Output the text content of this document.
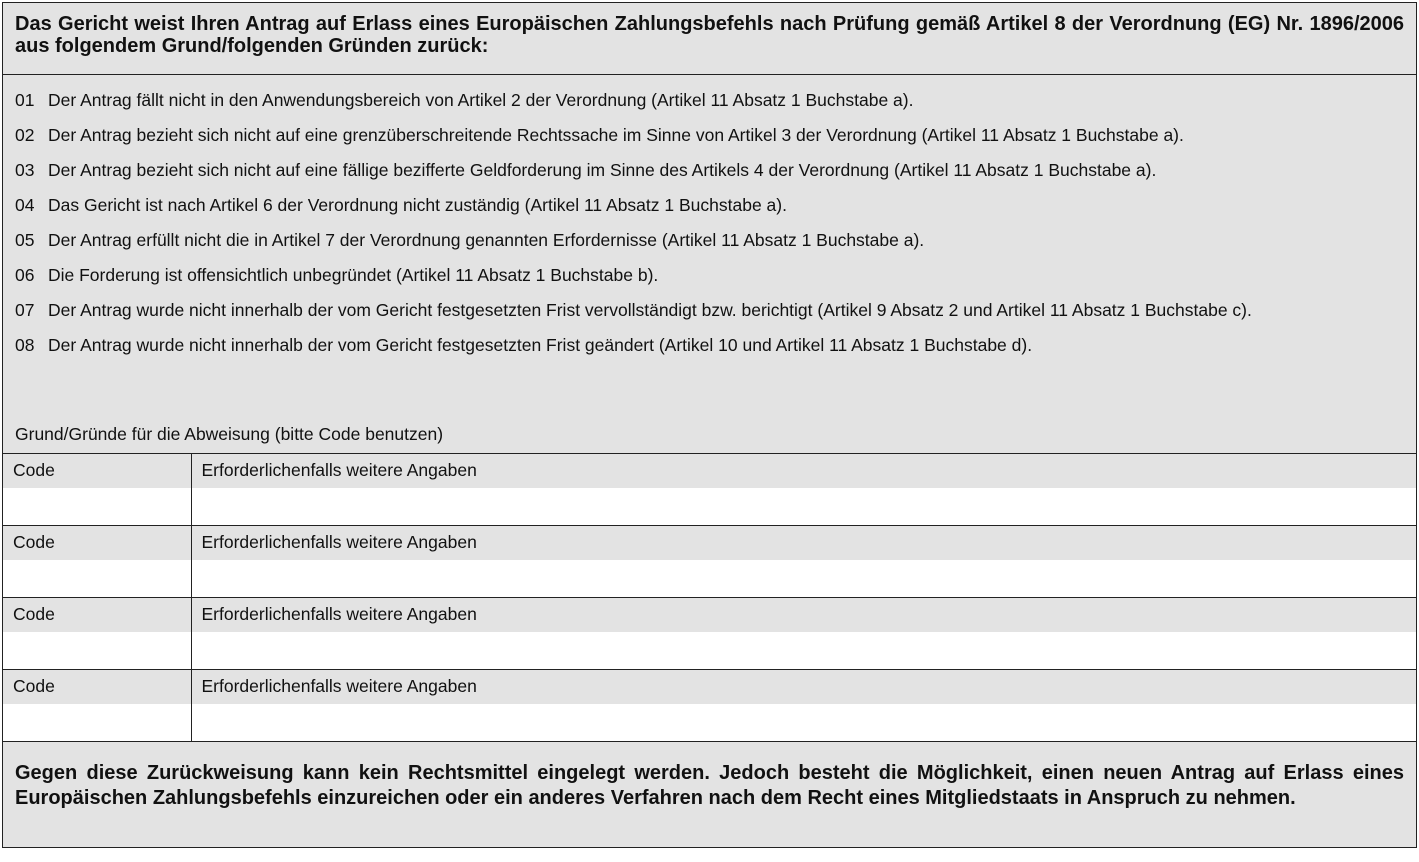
Das Gericht weist Ihren Antrag auf Erlass eines Europäischen Zahlungsbefehls nach Prüfung gemäß Artikel 8 der Verordnung (EG) Nr. 1896/2006 aus folgendem Grund/folgenden Gründen zurück:
01 Der Antrag fällt nicht in den Anwendungsbereich von Artikel 2 der Verordnung (Artikel 11 Absatz 1 Buchstabe a).
02 Der Antrag bezieht sich nicht auf eine grenzüberschreitende Rechtssache im Sinne von Artikel 3 der Verordnung (Artikel 11 Absatz 1 Buchstabe a).
03 Der Antrag bezieht sich nicht auf eine fällige bezifferte Geldforderung im Sinne des Artikels 4 der Verordnung (Artikel 11 Absatz 1 Buchstabe a).
04 Das Gericht ist nach Artikel 6 der Verordnung nicht zuständig (Artikel 11 Absatz 1 Buchstabe a).
05 Der Antrag erfüllt nicht die in Artikel 7 der Verordnung genannten Erfordernisse (Artikel 11 Absatz 1 Buchstabe a).
06 Die Forderung ist offensichtlich unbegründet (Artikel 11 Absatz 1 Buchstabe b).
07 Der Antrag wurde nicht innerhalb der vom Gericht festgesetzten Frist vervollständigt bzw. berichtigt (Artikel 9 Absatz 2 und Artikel 11 Absatz 1 Buchstabe c).
08 Der Antrag wurde nicht innerhalb der vom Gericht festgesetzten Frist geändert (Artikel 10 und Artikel 11 Absatz 1 Buchstabe d).
Grund/Gründe für die Abweisung (bitte Code benutzen)
Code	Erforderlichenfalls weitere Angaben

Code	Erforderlichenfalls weitere Angaben

Code	Erforderlichenfalls weitere Angaben

Code	Erforderlichenfalls weitere Angaben

Gegen diese Zurückweisung kann kein Rechtsmittel eingelegt werden. Jedoch besteht die Möglichkeit, einen neuen Antrag auf Erlass eines Europäischen Zahlungsbefehls einzureichen oder ein anderes Verfahren nach dem Recht eines Mitgliedstaats in Anspruch zu nehmen.
